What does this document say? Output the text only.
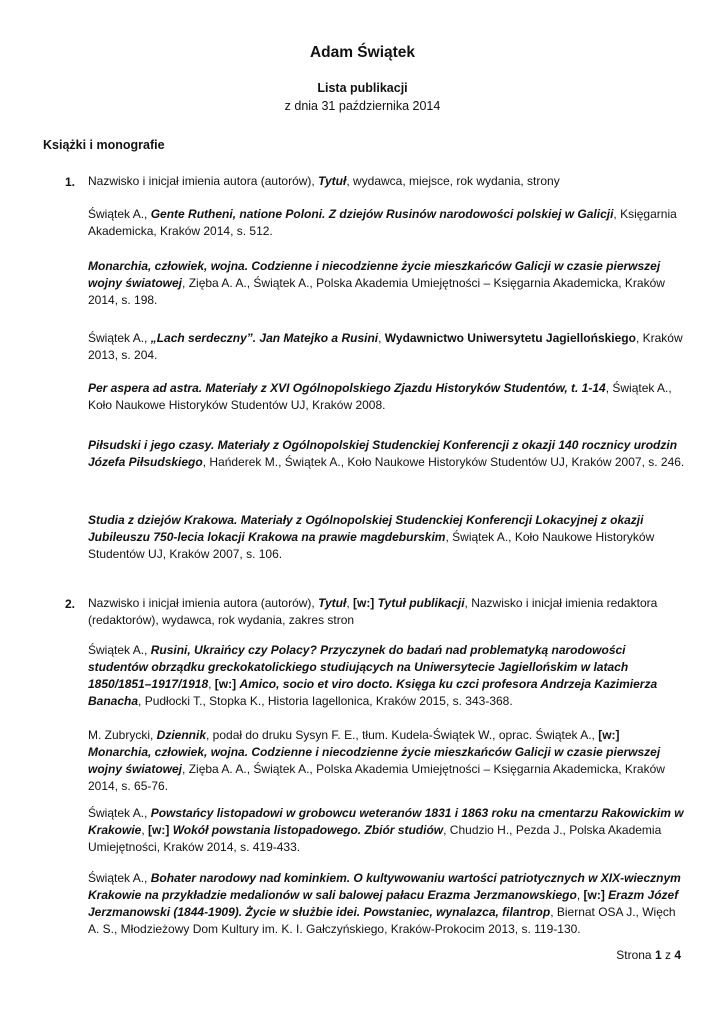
Adam Świątek
Lista publikacji
z dnia 31 października 2014
Książki i monografie
1. Nazwisko i inicjał imienia autora (autorów), Tytuł, wydawca, miejsce, rok wydania, strony
Świątek A., Gente Rutheni, natione Poloni. Z dziejów Rusinów narodowości polskiej w Galicji, Księgarnia Akademicka, Kraków 2014, s. 512.
Monarchia, człowiek, wojna. Codzienne i niecodzienne życie mieszkańców Galicji w czasie pierwszej wojny światowej, Zięba A. A., Świątek A., Polska Akademia Umiejętności – Księgarnia Akademicka, Kraków 2014, s. 198.
Świątek A., „Lach serdeczny”. Jan Matejko a Rusini, Wydawnictwo Uniwersytetu Jagiellońskiego, Kraków 2013, s. 204.
Per aspera ad astra. Materiały z XVI Ogólnopolskiego Zjazdu Historyków Studentów, t. 1-14, Świątek A., Koło Naukowe Historyków Studentów UJ, Kraków 2008.
Piłsudski i jego czasy. Materiały z Ogólnopolskiej Studenckiej Konferencji z okazji 140 rocznicy urodzin Józefa Piłsudskiego, Hańderek M., Świątek A., Koło Naukowe Historyków Studentów UJ, Kraków 2007, s. 246.
Studia z dziejów Krakowa. Materiały z Ogólnopolskiej Studenckiej Konferencji Lokacyjnej z okazji Jubileuszu 750-lecia lokacji Krakowa na prawie magdeburskim, Świątek A., Koło Naukowe Historyków Studentów UJ, Kraków 2007, s. 106.
2. Nazwisko i inicjał imienia autora (autorów), Tytuł, [w:] Tytuł publikacji, Nazwisko i inicjał imienia redaktora (redaktorów), wydawca, rok wydania, zakres stron
Świątek A., Rusini, Ukraińcy czy Polacy? Przyczynek do badań nad problematyką narodowości studentów obrządku greckokatolickiego studiujących na Uniwersytecie Jagiellońskim w latach 1850/1851–1917/1918, [w:] Amico, socio et viro docto. Księga ku czci profesora Andrzeja Kazimierza Banacha, Pudłocki T., Stopka K., Historia Iagellonica, Kraków 2015, s. 343-368.
M. Zubrycki, Dziennik, podał do druku Sysyn F. E., tłum. Kudela-Świątek W., oprac. Świątek A., [w:] Monarchia, człowiek, wojna. Codzienne i niecodzienne życie mieszkańców Galicji w czasie pierwszej wojny światowej, Zięba A. A., Świątek A., Polska Akademia Umiejętności – Księgarnia Akademicka, Kraków 2014, s. 65-76.
Świątek A., Powstańcy listopadowi w grobowcu weteranów 1831 i 1863 roku na cmentarzu Rakowickim w Krakowie, [w:] Wokół powstania listopadowego. Zbiór studiów, Chudzio H., Pezda J., Polska Akademia Umiejętności, Kraków 2014, s. 419-433.
Świątek A., Bohater narodowy nad kominkiem. O kultywowaniu wartości patriotycznych w XIX-wiecznym Krakowie na przykładzie medalionów w sali balowej pałacu Erazma Jerzmanowskiego, [w:] Erazm Józef Jerzmanowski (1844-1909). Życie w służbie idei. Powstaniec, wynalazca, filantrop, Biernat OSA J., Więch A. S., Młodzieżowy Dom Kultury im. K. I. Gałczyńskiego, Kraków-Prokocim 2013, s. 119-130.
Strona 1 z 4
